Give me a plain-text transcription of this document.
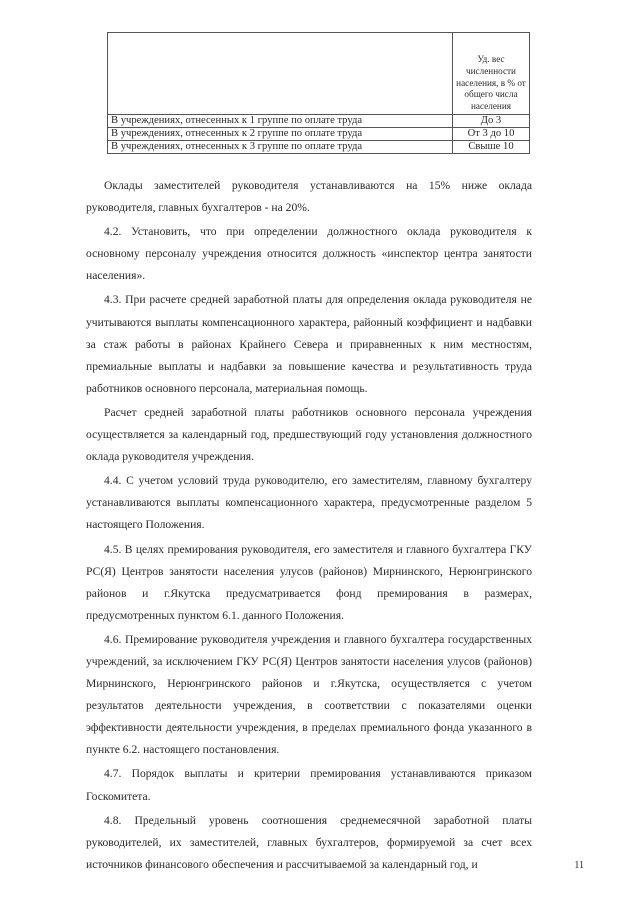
	Уд. вес численности населения, в % от общего числа населения
В учреждениях, отнесенных к 1 группе по оплате труда	До 3
В учреждениях, отнесенных к 2 группе по оплате труда	От 3 до 10
В учреждениях, отнесенных к 3 группе по оплате труда	Свыше 10

Оклады заместителей руководителя устанавливаются на 15% ниже оклада руководителя, главных бухгалтеров - на 20%.

4.2. Установить, что при определении должностного оклада руководителя к основному персоналу учреждения относится должность «инспектор центра занятости населения».

4.3. При расчете средней заработной платы для определения оклада руководителя не учитываются выплаты компенсационного характера, районный коэффициент и надбавки за стаж работы в районах Крайнего Севера и приравненных к ним местностям, премиальные выплаты и надбавки за повышение качества и результативность труда работников основного персонала, материальная помощь.

Расчет средней заработной платы работников основного персонала учреждения осуществляется за календарный год, предшествующий году установления должностного оклада руководителя учреждения.

4.4. С учетом условий труда руководителю, его заместителям, главному бухгалтеру устанавливаются выплаты компенсационного характера, предусмотренные разделом 5 настоящего Положения.

4.5. В целях премирования руководителя, его заместителя и главного бухгалтера ГКУ РС(Я) Центров занятости населения улусов (районов) Мирнинского, Нерюнгринского районов и г.Якутска предусматривается фонд премирования в размерах, предусмотренных пунктом 6.1. данного Положения.

4.6. Премирование руководителя учреждения и главного бухгалтера государственных учреждений, за исключением ГКУ РС(Я) Центров занятости населения улусов (районов) Мирнинского, Нерюнгринского районов и г.Якутска, осуществляется с учетом результатов деятельности учреждения, в соответствии с показателями оценки эффективности деятельности учреждения, в пределах премиального фонда указанного в пункте 6.2. настоящего постановления.

4.7. Порядок выплаты и критерии премирования устанавливаются приказом Госкомитета.

4.8. Предельный уровень соотношения среднемесячной заработной платы руководителей, их заместителей, главных бухгалтеров, формируемой за счет всех источников финансового обеспечения и рассчитываемой за календарный год, и	11
